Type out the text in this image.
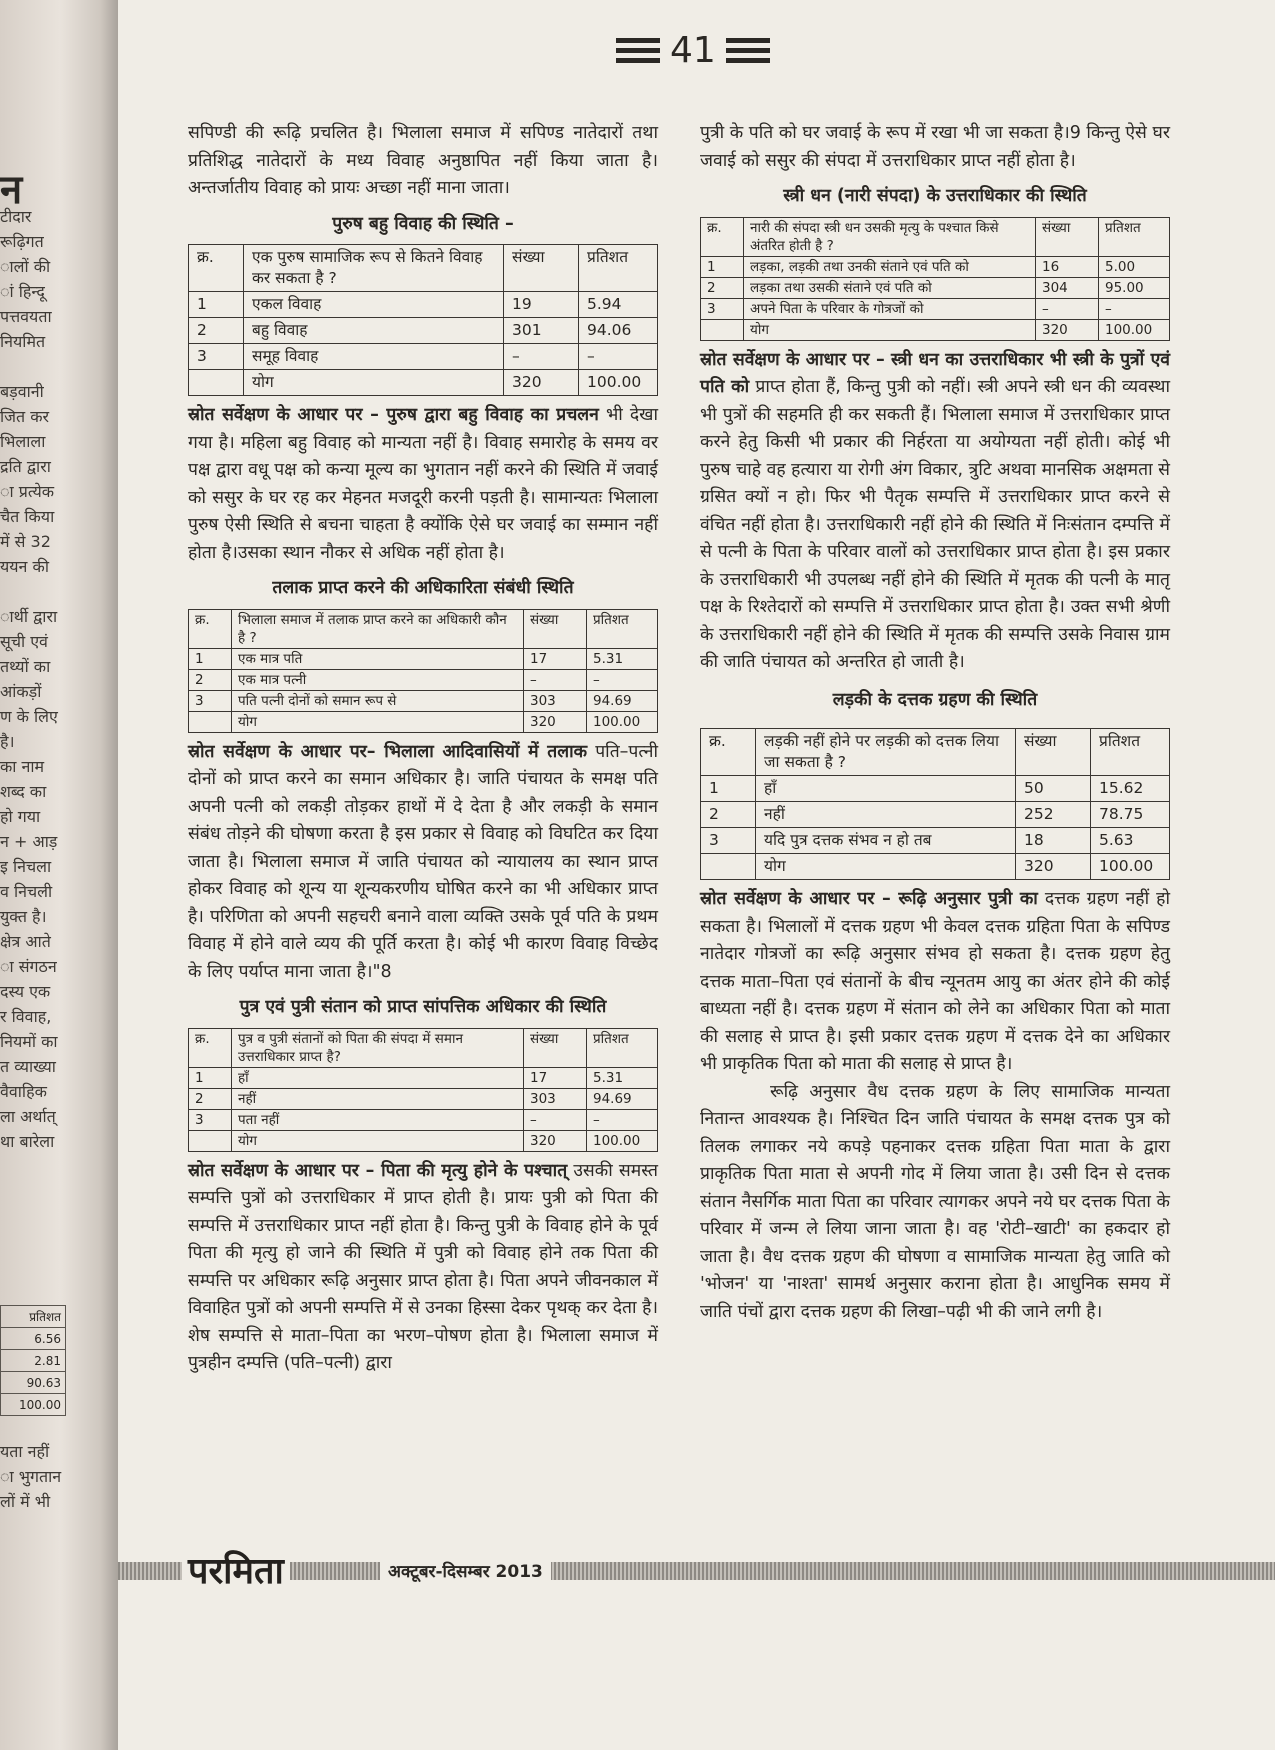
न
टीदार
रूढ़िगत
ालों की
ां हिन्दू
पत्तवयता
नियमित
बड़वानी
जित कर
भिलाला
द्रति द्वारा
ा प्रत्येक
चैत किया
में से 32
ययन की
ार्थी द्वारा
सूची एवं
तथ्यों का
आंकड़ों
ण के लिए
है।
का नाम
शब्द का
हो गया
न + आड़
इ निचला
व निचली
युक्त है।
क्षेत्र आते
ा संगठन
दस्य एक
र विवाह,
नियमों का
त व्याख्या
वैवाहिक
ला अर्थात्
था बारेला
प्रतिशत
6.56
2.81
90.63
100.00
यता नहीं
ा भुगतान
लों में भी
41

सपिण्डी की रूढ़ि प्रचलित है। भिलाला समाज में सपिण्ड नातेदारों तथा प्रतिशिद्ध नातेदारों के मध्य विवाह अनुष्ठापित नहीं किया जाता है। अन्तर्जातीय विवाह को प्रायः अच्छा नहीं माना जाता।

पुरुष बहु विवाह की स्थिति –
क्र.	एक पुरुष सामाजिक रूप से कितने विवाह कर सकता है ?	संख्या	प्रतिशत
1	एकल विवाह	19	5.94
2	बहु विवाह	301	94.06
3	समूह विवाह	–	–
	योग	320	100.00

स्रोत सर्वेक्षण के आधार पर – पुरुष द्वारा बहु विवाह का प्रचलन भी देखा गया है। महिला बहु विवाह को मान्यता नहीं है। विवाह समारोह के समय वर पक्ष द्वारा वधू पक्ष को कन्या मूल्य का भुगतान नहीं करने की स्थिति में जवाई को ससुर के घर रह कर मेहनत मजदूरी करनी पड़ती है। सामान्यतः भिलाला पुरुष ऐसी स्थिति से बचना चाहता है क्योंकि ऐसे घर जवाई का सम्मान नहीं होता है।उसका स्थान नौकर से अधिक नहीं होता है।

तलाक प्राप्त करने की अधिकारिता संबंधी स्थिति
क्र.	भिलाला समाज में तलाक प्राप्त करने का अधिकारी कौन है ?	संख्या	प्रतिशत
1	एक मात्र पति	17	5.31
2	एक मात्र पत्नी	–	–
3	पति पत्नी दोनों को समान रूप से	303	94.69
	योग	320	100.00

स्रोत सर्वेक्षण के आधार पर– भिलाला आदिवासियों में तलाक पति–पत्नी दोनों को प्राप्त करने का समान अधिकार है। जाति पंचायत के समक्ष पति अपनी पत्नी को लकड़ी तोड़कर हाथों में दे देता है और लकड़ी के समान संबंध तोड़ने की घोषणा करता है इस प्रकार से विवाह को विघटित कर दिया जाता है। भिलाला समाज में जाति पंचायत को न्यायालय का स्थान प्राप्त होकर विवाह को शून्य या शून्यकरणीय घोषित करने का भी अधिकार प्राप्त है। परिणिता को अपनी सहचरी बनाने वाला व्यक्ति उसके पूर्व पति के प्रथम विवाह में होने वाले व्यय की पूर्ति करता है। कोई भी कारण विवाह विच्छेद के लिए पर्याप्त माना जाता है।"8

पुत्र एवं पुत्री संतान को प्राप्त सांपत्तिक अधिकार की स्थिति
क्र.	पुत्र व पुत्री संतानों को पिता की संपदा में समान उत्तराधिकार प्राप्त है?	संख्या	प्रतिशत
1	हाँ	17	5.31
2	नहीं	303	94.69
3	पता नहीं	–	–
	योग	320	100.00

स्रोत सर्वेक्षण के आधार पर – पिता की मृत्यु होने के पश्चात् उसकी समस्त सम्पत्ति पुत्रों को उत्तराधिकार में प्राप्त होती है। प्रायः पुत्री को पिता की सम्पत्ति में उत्तराधिकार प्राप्त नहीं होता है। किन्तु पुत्री के विवाह होने के पूर्व पिता की मृत्यु हो जाने की स्थिति में पुत्री को विवाह होने तक पिता की सम्पत्ति पर अधिकार रूढ़ि अनुसार प्राप्त होता है। पिता अपने जीवनकाल में विवाहित पुत्रों को अपनी सम्पत्ति में से उनका हिस्सा देकर पृथक् कर देता है।शेष सम्पत्ति से माता–पिता का भरण–पोषण होता है। भिलाला समाज में पुत्रहीन दम्पत्ति (पति–पत्नी) द्वारा

पुत्री के पति को घर जवाई के रूप में रखा भी जा सकता है।9 किन्तु ऐसे घर जवाई को ससुर की संपदा में उत्तराधिकार प्राप्त नहीं होता है।

स्त्री धन (नारी संपदा) के उत्तराधिकार की स्थिति
क्र.	नारी की संपदा स्त्री धन उसकी मृत्यु के पश्चात किसे अंतरित होती है ?	संख्या	प्रतिशत
1	लड़का, लड़की तथा उनकी संताने एवं पति को	16	5.00
2	लड़का तथा उसकी संताने एवं पति को	304	95.00
3	अपने पिता के परिवार के गोत्रजों को	–	–
	योग	320	100.00

स्रोत सर्वेक्षण के आधार पर – स्त्री धन का उत्तराधिकार भी स्त्री के पुत्रों एवं पति को प्राप्त होता हैं, किन्तु पुत्री को नहीं। स्त्री अपने स्त्री धन की व्यवस्था भी पुत्रों की सहमति ही कर सकती हैं। भिलाला समाज में उत्तराधिकार प्राप्त करने हेतु किसी भी प्रकार की निर्हरता या अयोग्यता नहीं होती। कोई भी पुरुष चाहे वह हत्यारा या रोगी अंग विकार, त्रुटि अथवा मानसिक अक्षमता से ग्रसित क्यों न हो। फिर भी पैतृक सम्पत्ति में उत्तराधिकार प्राप्त करने से वंचित नहीं होता है। उत्तराधिकारी नहीं होने की स्थिति में निःसंतान दम्पत्ति में से पत्नी के पिता के परिवार वालों को उत्तराधिकार प्राप्त होता है। इस प्रकार के उत्तराधिकारी भी उपलब्ध नहीं होने की स्थिति में मृतक की पत्नी के मातृ पक्ष के रिश्तेदारों को सम्पत्ति में उत्तराधिकार प्राप्त होता है। उक्त सभी श्रेणी के उत्तराधिकारी नहीं होने की स्थिति में मृतक की सम्पत्ति उसके निवास ग्राम की जाति पंचायत को अन्तरित हो जाती है।

लड़की के दत्तक ग्रहण की स्थिति
क्र.	लड़की नहीं होने पर लड़की को दत्तक लिया जा सकता है ?	संख्या	प्रतिशत
1	हाँ	50	15.62
2	नहीं	252	78.75
3	यदि पुत्र दत्तक संभव न हो तब	18	5.63
	योग	320	100.00

स्रोत सर्वेक्षण के आधार पर – रूढ़ि अनुसार पुत्री का दत्तक ग्रहण नहीं हो सकता है। भिलालों में दत्तक ग्रहण भी केवल दत्तक ग्रहिता पिता के सपिण्ड नातेदार गोत्रजों का रूढ़ि अनुसार संभव हो सकता है। दत्तक ग्रहण हेतु दत्तक माता–पिता एवं संतानों के बीच न्यूनतम आयु का अंतर होने की कोई बाध्यता नहीं है। दत्तक ग्रहण में संतान को लेने का अधिकार पिता को माता की सलाह से प्राप्त है। इसी प्रकार दत्तक ग्रहण में दत्तक देने का अधिकार भी प्राकृतिक पिता को माता की सलाह से प्राप्त है।

रूढ़ि अनुसार वैध दत्तक ग्रहण के लिए सामाजिक मान्यता नितान्त आवश्यक है। निश्चित दिन जाति पंचायत के समक्ष दत्तक पुत्र को तिलक लगाकर नये कपड़े पहनाकर दत्तक ग्रहिता पिता माता के द्वारा प्राकृतिक पिता माता से अपनी गोद में लिया जाता है। उसी दिन से दत्तक संतान नैसर्गिक माता पिता का परिवार त्यागकर अपने नये घर दत्तक पिता के परिवार में जन्म ले लिया जाना जाता है। वह 'रोटी–खाटी' का हकदार हो जाता है। वैध दत्तक ग्रहण की घोषणा व सामाजिक मान्यता हेतु जाति को 'भोजन' या 'नाश्ता' सामर्थ अनुसार कराना होता है। आधुनिक समय में जाति पंचों द्वारा दत्तक ग्रहण की लिखा–पढ़ी भी की जाने लगी है।

परमिता	अक्टूबर-दिसम्बर 2013
